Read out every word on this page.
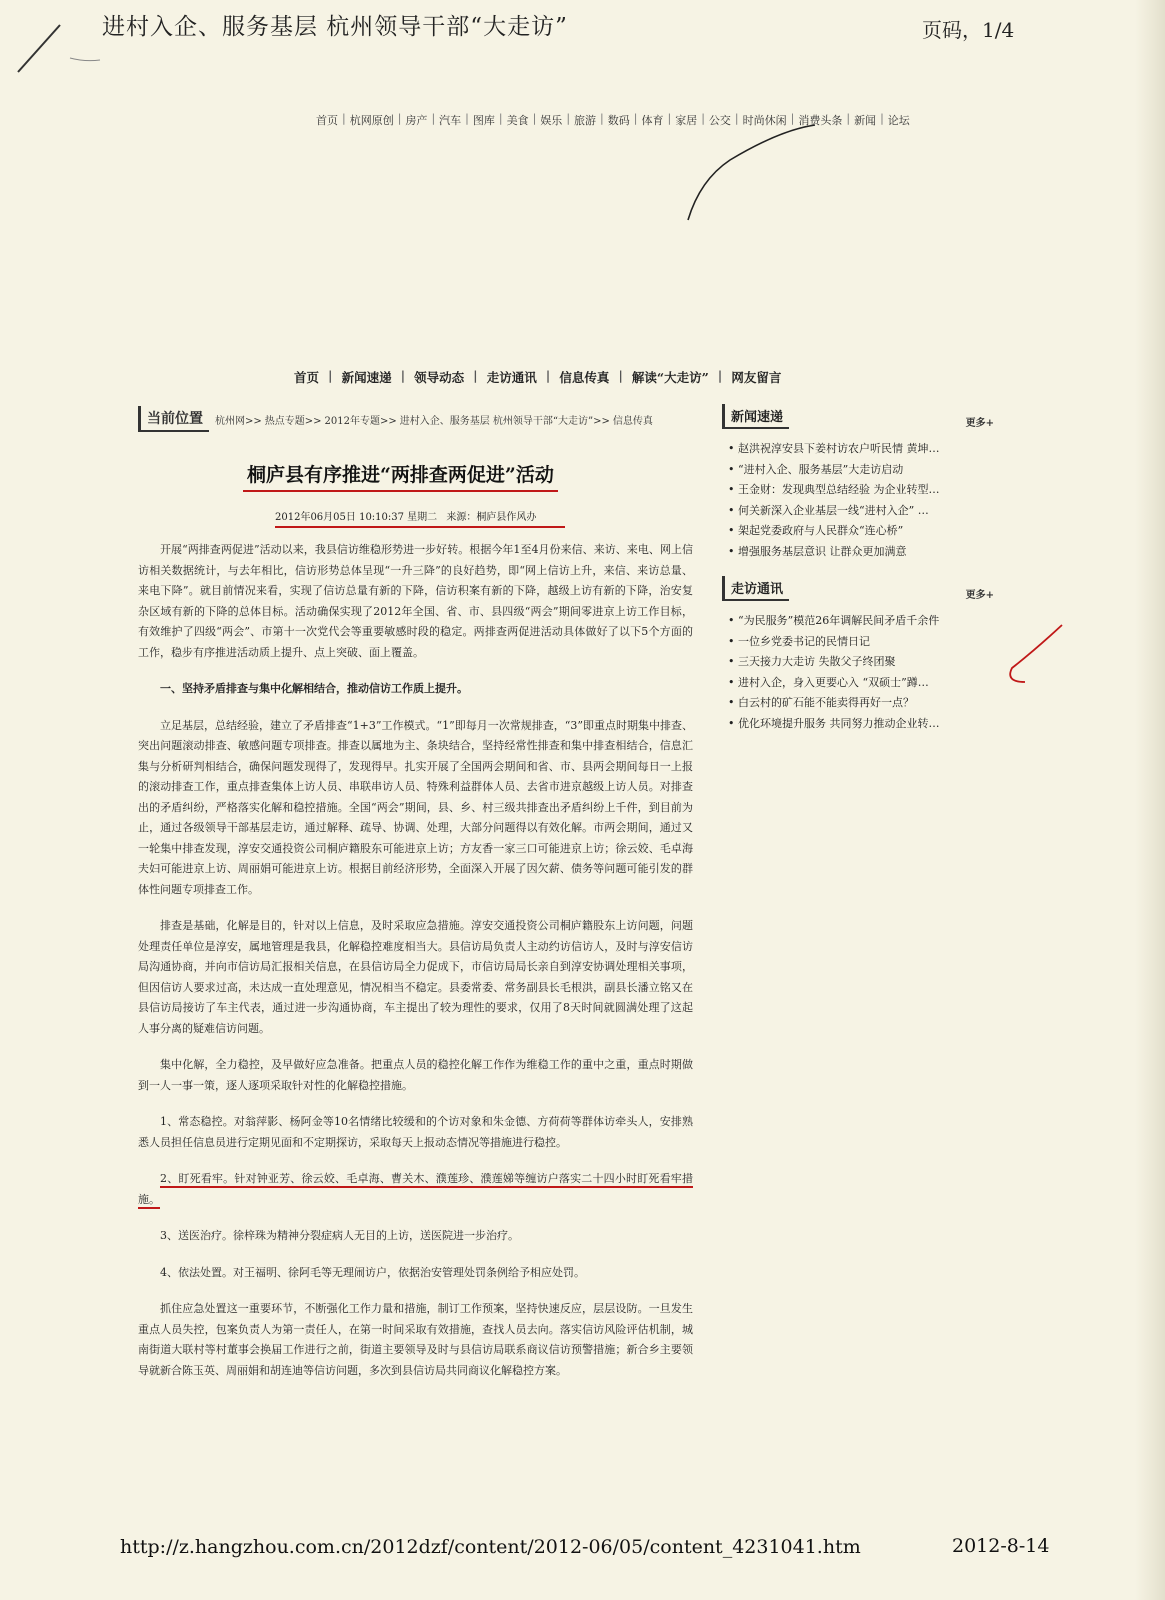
进村入企、服务基层 杭州领导干部“大走访”	页码，1/4
首页 | 杭网原创 | 房产 | 汽车 | 图库 | 美食 | 娱乐 | 旅游 | 数码 | 体育 | 家居 | 公交 | 时尚休闲 | 消费头条 | 新闻 | 论坛
首页 | 新闻速递 | 领导动态 | 走访通讯 | 信息传真 | 解读“大走访” | 网友留言
当前位置	杭州网>> 热点专题>> 2012年专题>> 进村入企、服务基层 杭州领导干部“大走访”>> 信息传真
桐庐县有序推进“两排查两促进”活动
2012年06月05日 10:10:37 星期二 来源：桐庐县作风办

开展“两排查两促进”活动以来，我县信访维稳形势进一步好转。根据今年1至4月份来信、来访、来电、网上信访相关数据统计，与去年相比，信访形势总体呈现“一升三降”的良好趋势，即“网上信访上升，来信、来访总量、来电下降”。就目前情况来看，实现了信访总量有新的下降，信访积案有新的下降，越级上访有新的下降，治安复杂区域有新的下降的总体目标。活动确保实现了2012年全国、省、市、县四级“两会”期间零进京上访工作目标，有效维护了四级“两会”、市第十一次党代会等重要敏感时段的稳定。两排查两促进活动具体做好了以下5个方面的工作，稳步有序推进活动质上提升、点上突破、面上覆盖。

一、坚持矛盾排查与集中化解相结合，推动信访工作质上提升。

立足基层，总结经验，建立了矛盾排查“1+3”工作模式。“1”即每月一次常规排查，“3”即重点时期集中排查、突出问题滚动排查、敏感问题专项排查。排查以属地为主、条块结合，坚持经常性排查和集中排查相结合，信息汇集与分析研判相结合，确保问题发现得了，发现得早。扎实开展了全国两会期间和省、市、县两会期间每日一上报的滚动排查工作，重点排查集体上访人员、串联串访人员、特殊利益群体人员、去省市进京越级上访人员。对排查出的矛盾纠纷，严格落实化解和稳控措施。全国“两会”期间，县、乡、村三级共排查出矛盾纠纷上千件，到目前为止，通过各级领导干部基层走访，通过解释、疏导、协调、处理，大部分问题得以有效化解。市两会期间，通过又一轮集中排查发现，淳安交通投资公司桐庐籍股东可能进京上访；方友香一家三口可能进京上访；徐云姣、毛卓海夫妇可能进京上访、周丽娟可能进京上访。根据目前经济形势，全面深入开展了因欠薪、债务等问题可能引发的群体性问题专项排查工作。

排查是基础，化解是目的，针对以上信息，及时采取应急措施。淳安交通投资公司桐庐籍股东上访问题，问题处理责任单位是淳安，属地管理是我县，化解稳控难度相当大。县信访局负责人主动约访信访人，及时与淳安信访局沟通协商，并向市信访局汇报相关信息，在县信访局全力促成下，市信访局局长亲自到淳安协调处理相关事项，但因信访人要求过高，未达成一直处理意见，情况相当不稳定。县委常委、常务副县长毛根洪，副县长潘立铭又在县信访局接访了车主代表，通过进一步沟通协商，车主提出了较为理性的要求，仅用了8天时间就圆满处理了这起人事分离的疑难信访问题。

集中化解，全力稳控，及早做好应急准备。把重点人员的稳控化解工作作为维稳工作的重中之重，重点时期做到一人一事一策，逐人逐项采取针对性的化解稳控措施。

1、常态稳控。对翁萍影、杨阿金等10名情绪比较缓和的个访对象和朱金德、方荷荷等群体访牵头人，安排熟悉人员担任信息员进行定期见面和不定期探访，采取每天上报动态情况等措施进行稳控。

2、盯死看牢。针对钟亚芳、徐云姣、毛卓海、曹关木、濮莲珍、濮莲娣等缠访户落实二十四小时盯死看牢措施。

3、送医治疗。徐梓珠为精神分裂症病人无目的上访，送医院进一步治疗。

4、依法处置。对王福明、徐阿毛等无理闹访户，依据治安管理处罚条例给予相应处罚。

抓住应急处置这一重要环节，不断强化工作力量和措施，制订工作预案，坚持快速反应，层层设防。一旦发生重点人员失控，包案负责人为第一责任人，在第一时间采取有效措施，查找人员去向。落实信访风险评估机制，城南街道大联村等村董事会换届工作进行之前，街道主要领导及时与县信访局联系商议信访预警措施；新合乡主要领导就新合陈玉英、周丽娟和胡连迪等信访问题，多次到县信访局共同商议化解稳控方案。

新闻速递	更多+
• 赵洪祝淳安县下姜村访农户听民情 黄坤…
• “进村入企、服务基层”大走访启动
• 王金财：发现典型总结经验 为企业转型…
• 何关新深入企业基层一线“进村入企” …
• 架起党委政府与人民群众“连心桥”
• 增强服务基层意识 让群众更加满意
走访通讯	更多+
• “为民服务”模范26年调解民间矛盾千余件
• 一位乡党委书记的民情日记
• 三天接力大走访 失散父子终团聚
• 进村入企，身入更要心入 “双硕士”蹲…
• 白云村的矿石能不能卖得再好一点？
• 优化环境提升服务 共同努力推动企业转…
http://z.hangzhou.com.cn/2012dzf/content/2012-06/05/content_4231041.htm	2012-8-14
